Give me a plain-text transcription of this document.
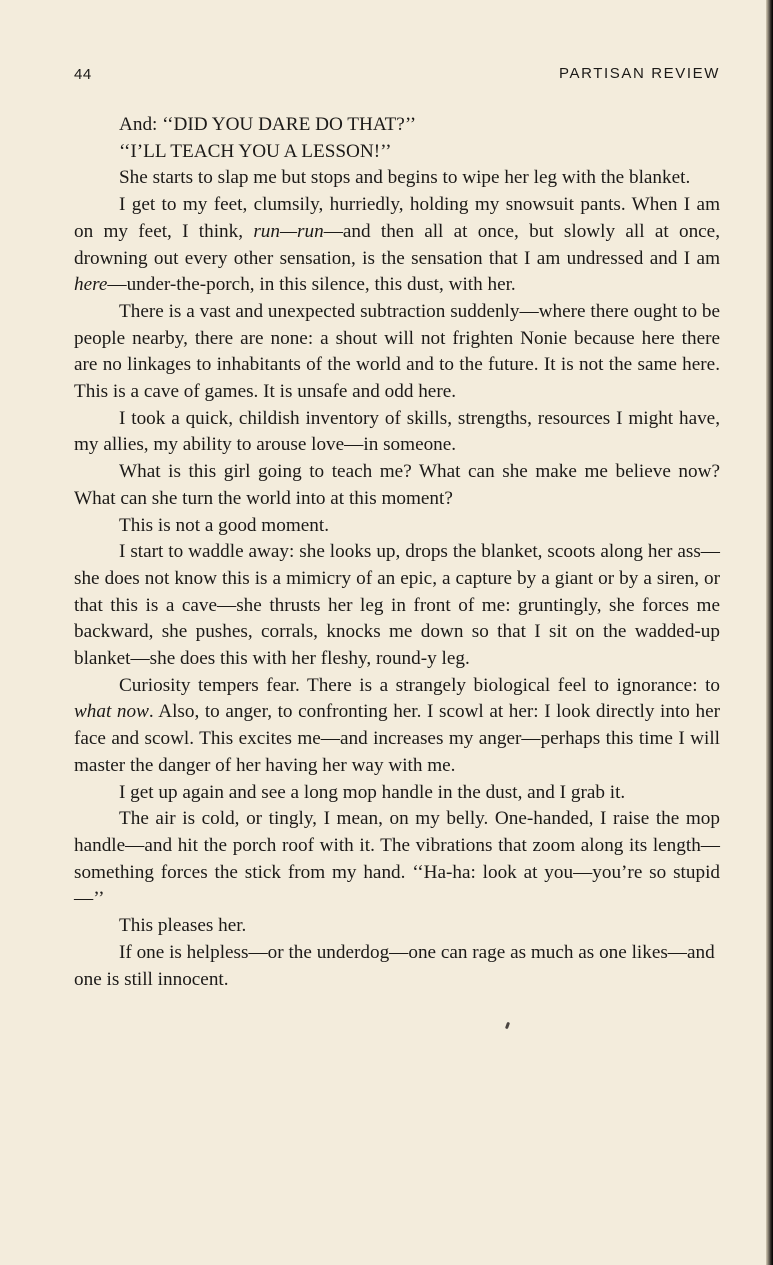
44	PARTISAN REVIEW

And: ‘‘DID YOU DARE DO THAT?’’

‘‘I’LL TEACH YOU A LESSON!’’

She starts to slap me but stops and begins to wipe her leg with the blanket.

I get to my feet, clumsily, hurriedly, holding my snowsuit pants. When I am on my feet, I think, run—run—and then all at once, but slowly all at once, drowning out every other sensation, is the sensation that I am undressed and I am here—under-the-porch, in this silence, this dust, with her.

There is a vast and unexpected subtraction suddenly—where there ought to be people nearby, there are none: a shout will not frighten Nonie because here there are no linkages to inhabitants of the world and to the future. It is not the same here. This is a cave of games. It is unsafe and odd here.

I took a quick, childish inventory of skills, strengths, resources I might have, my allies, my ability to arouse love—in someone.

What is this girl going to teach me? What can she make me believe now? What can she turn the world into at this moment?

This is not a good moment.

I start to waddle away: she looks up, drops the blanket, scoots along her ass—she does not know this is a mimicry of an epic, a capture by a giant or by a siren, or that this is a cave—she thrusts her leg in front of me: gruntingly, she forces me backward, she pushes, corrals, knocks me down so that I sit on the wadded-up blanket—she does this with her fleshy, round-y leg.

Curiosity tempers fear. There is a strangely biological feel to ignorance: to what now. Also, to anger, to confronting her. I scowl at her: I look directly into her face and scowl. This excites me—and increases my anger—perhaps this time I will master the danger of her having her way with me.

I get up again and see a long mop handle in the dust, and I grab it.

The air is cold, or tingly, I mean, on my belly. One-handed, I raise the mop handle—and hit the porch roof with it. The vibrations that zoom along its length—something forces the stick from my hand. ‘‘Ha-ha: look at you—you’re so stupid—’’

This pleases her.

If one is helpless—or the underdog—one can rage as much as one likes—and one is still innocent.
